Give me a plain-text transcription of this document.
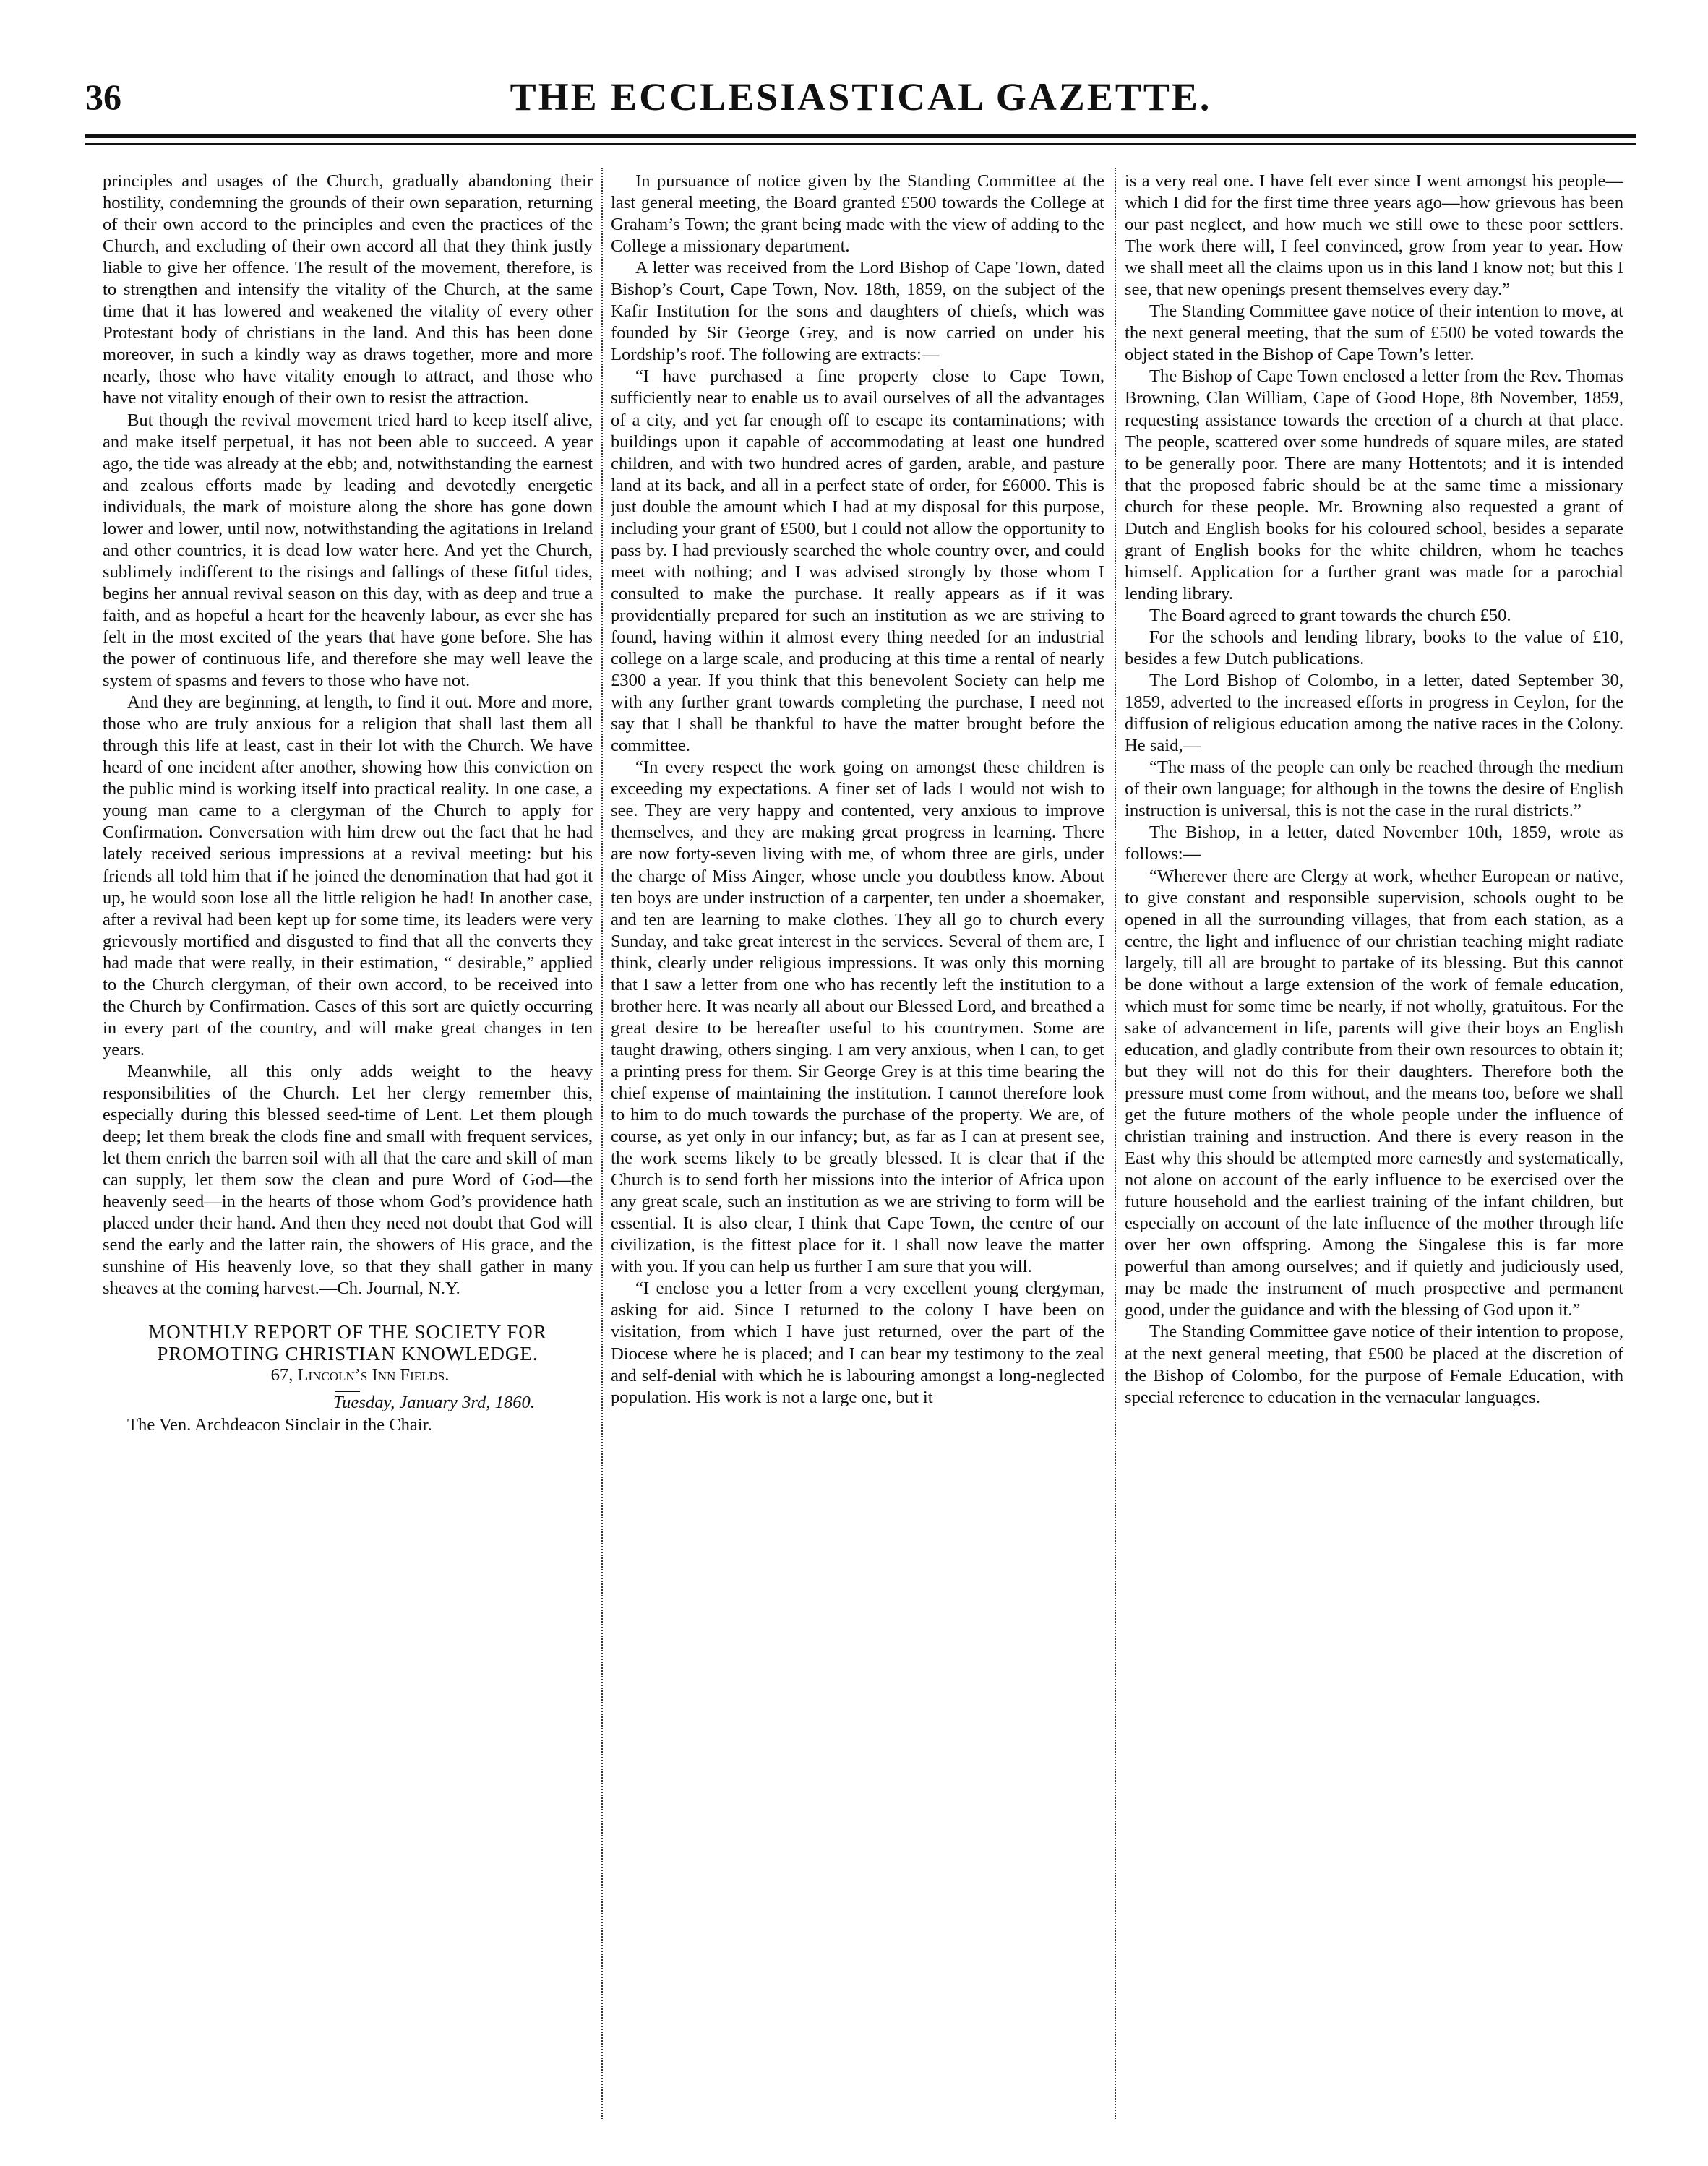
36	THE ECCLESIASTICAL GAZETTE.

principles and usages of the Church, gradually abandoning their hostility, condemning the grounds of their own separation, returning of their own accord to the principles and even the practices of the Church, and excluding of their own accord all that they think justly liable to give her offence. The result of the movement, therefore, is to strengthen and intensify the vitality of the Church, at the same time that it has lowered and weakened the vitality of every other Protestant body of christians in the land. And this has been done moreover, in such a kindly way as draws together, more and more nearly, those who have vitality enough to attract, and those who have not vitality enough of their own to resist the attraction.

But though the revival movement tried hard to keep itself alive, and make itself perpetual, it has not been able to succeed. A year ago, the tide was already at the ebb; and, notwithstanding the earnest and zealous efforts made by leading and devotedly energetic individuals, the mark of moisture along the shore has gone down lower and lower, until now, notwithstanding the agitations in Ireland and other countries, it is dead low water here. And yet the Church, sublimely indifferent to the risings and fallings of these fitful tides, begins her annual revival season on this day, with as deep and true a faith, and as hopeful a heart for the heavenly labour, as ever she has felt in the most excited of the years that have gone before. She has the power of continuous life, and therefore she may well leave the system of spasms and fevers to those who have not.

And they are beginning, at length, to find it out. More and more, those who are truly anxious for a religion that shall last them all through this life at least, cast in their lot with the Church. We have heard of one incident after another, showing how this conviction on the public mind is working itself into practical reality. In one case, a young man came to a clergyman of the Church to apply for Confirmation. Conversation with him drew out the fact that he had lately received serious impressions at a revival meeting: but his friends all told him that if he joined the denomination that had got it up, he would soon lose all the little religion he had! In another case, after a revival had been kept up for some time, its leaders were very grievously mortified and disgusted to find that all the converts they had made that were really, in their estimation, “ desirable,” applied to the Church clergyman, of their own accord, to be received into the Church by Confirmation. Cases of this sort are quietly occurring in every part of the country, and will make great changes in ten years.

Meanwhile, all this only adds weight to the heavy responsibilities of the Church. Let her clergy remember this, especially during this blessed seed-time of Lent. Let them plough deep; let them break the clods fine and small with frequent services, let them enrich the barren soil with all that the care and skill of man can supply, let them sow the clean and pure Word of God—the heavenly seed—in the hearts of those whom God’s providence hath placed under their hand. And then they need not doubt that God will send the early and the latter rain, the showers of His grace, and the sunshine of His heavenly love, so that they shall gather in many sheaves at the coming harvest.—Ch. Journal, N.Y.

MONTHLY REPORT OF THE SOCIETY FOR
PROMOTING CHRISTIAN KNOWLEDGE.

67, Lincoln’s Inn Fields.

Tuesday, January 3rd, 1860.

The Ven. Archdeacon Sinclair in the Chair.

In pursuance of notice given by the Standing Committee at the last general meeting, the Board granted £500 towards the College at Graham’s Town; the grant being made with the view of adding to the College a missionary department.

A letter was received from the Lord Bishop of Cape Town, dated Bishop’s Court, Cape Town, Nov. 18th, 1859, on the subject of the Kafir Institution for the sons and daughters of chiefs, which was founded by Sir George Grey, and is now carried on under his Lordship’s roof. The following are extracts:—

“I have purchased a fine property close to Cape Town, sufficiently near to enable us to avail ourselves of all the advantages of a city, and yet far enough off to escape its contaminations; with buildings upon it capable of accommodating at least one hundred children, and with two hundred acres of garden, arable, and pasture land at its back, and all in a perfect state of order, for £6000. This is just double the amount which I had at my disposal for this purpose, including your grant of £500, but I could not allow the opportunity to pass by. I had previously searched the whole country over, and could meet with nothing; and I was advised strongly by those whom I consulted to make the purchase. It really appears as if it was providentially prepared for such an institution as we are striving to found, having within it almost every thing needed for an industrial college on a large scale, and producing at this time a rental of nearly £300 a year. If you think that this benevolent Society can help me with any further grant towards completing the purchase, I need not say that I shall be thankful to have the matter brought before the committee.

“In every respect the work going on amongst these children is exceeding my expectations. A finer set of lads I would not wish to see. They are very happy and contented, very anxious to improve themselves, and they are making great progress in learning. There are now forty-seven living with me, of whom three are girls, under the charge of Miss Ainger, whose uncle you doubtless know. About ten boys are under instruction of a carpenter, ten under a shoemaker, and ten are learning to make clothes. They all go to church every Sunday, and take great interest in the services. Several of them are, I think, clearly under religious impressions. It was only this morning that I saw a letter from one who has recently left the institution to a brother here. It was nearly all about our Blessed Lord, and breathed a great desire to be hereafter useful to his countrymen. Some are taught drawing, others singing. I am very anxious, when I can, to get a printing press for them. Sir George Grey is at this time bearing the chief expense of maintaining the institution. I cannot therefore look to him to do much towards the purchase of the property. We are, of course, as yet only in our infancy; but, as far as I can at present see, the work seems likely to be greatly blessed. It is clear that if the Church is to send forth her missions into the interior of Africa upon any great scale, such an institution as we are striving to form will be essential. It is also clear, I think that Cape Town, the centre of our civilization, is the fittest place for it. I shall now leave the matter with you. If you can help us further I am sure that you will.

“I enclose you a letter from a very excellent young clergyman, asking for aid. Since I returned to the colony I have been on visitation, from which I have just returned, over the part of the Diocese where he is placed; and I can bear my testimony to the zeal and self-denial with which he is labouring amongst a long-neglected population. His work is not a large one, but it

is a very real one. I have felt ever since I went amongst his people—which I did for the first time three years ago—how grievous has been our past neglect, and how much we still owe to these poor settlers. The work there will, I feel convinced, grow from year to year. How we shall meet all the claims upon us in this land I know not; but this I see, that new openings present themselves every day.”

The Standing Committee gave notice of their intention to move, at the next general meeting, that the sum of £500 be voted towards the object stated in the Bishop of Cape Town’s letter.

The Bishop of Cape Town enclosed a letter from the Rev. Thomas Browning, Clan William, Cape of Good Hope, 8th November, 1859, requesting assistance towards the erection of a church at that place. The people, scattered over some hundreds of square miles, are stated to be generally poor. There are many Hottentots; and it is intended that the proposed fabric should be at the same time a missionary church for these people. Mr. Browning also requested a grant of Dutch and English books for his coloured school, besides a separate grant of English books for the white children, whom he teaches himself. Application for a further grant was made for a parochial lending library.

The Board agreed to grant towards the church £50.

For the schools and lending library, books to the value of £10, besides a few Dutch publications.

The Lord Bishop of Colombo, in a letter, dated September 30, 1859, adverted to the increased efforts in progress in Ceylon, for the diffusion of religious education among the native races in the Colony. He said,—

“The mass of the people can only be reached through the medium of their own language; for although in the towns the desire of English instruction is universal, this is not the case in the rural districts.”

The Bishop, in a letter, dated November 10th, 1859, wrote as follows:—

“Wherever there are Clergy at work, whether European or native, to give constant and responsible supervision, schools ought to be opened in all the surrounding villages, that from each station, as a centre, the light and influence of our christian teaching might radiate largely, till all are brought to partake of its blessing. But this cannot be done without a large extension of the work of female education, which must for some time be nearly, if not wholly, gratuitous. For the sake of advancement in life, parents will give their boys an English education, and gladly contribute from their own resources to obtain it; but they will not do this for their daughters. Therefore both the pressure must come from without, and the means too, before we shall get the future mothers of the whole people under the influence of christian training and instruction. And there is every reason in the East why this should be attempted more earnestly and systematically, not alone on account of the early influence to be exercised over the future household and the earliest training of the infant children, but especially on account of the late influence of the mother through life over her own offspring. Among the Singalese this is far more powerful than among ourselves; and if quietly and judiciously used, may be made the instrument of much prospective and permanent good, under the guidance and with the blessing of God upon it.”

The Standing Committee gave notice of their intention to propose, at the next general meeting, that £500 be placed at the discretion of the Bishop of Colombo, for the purpose of Female Education, with special reference to education in the vernacular languages.
